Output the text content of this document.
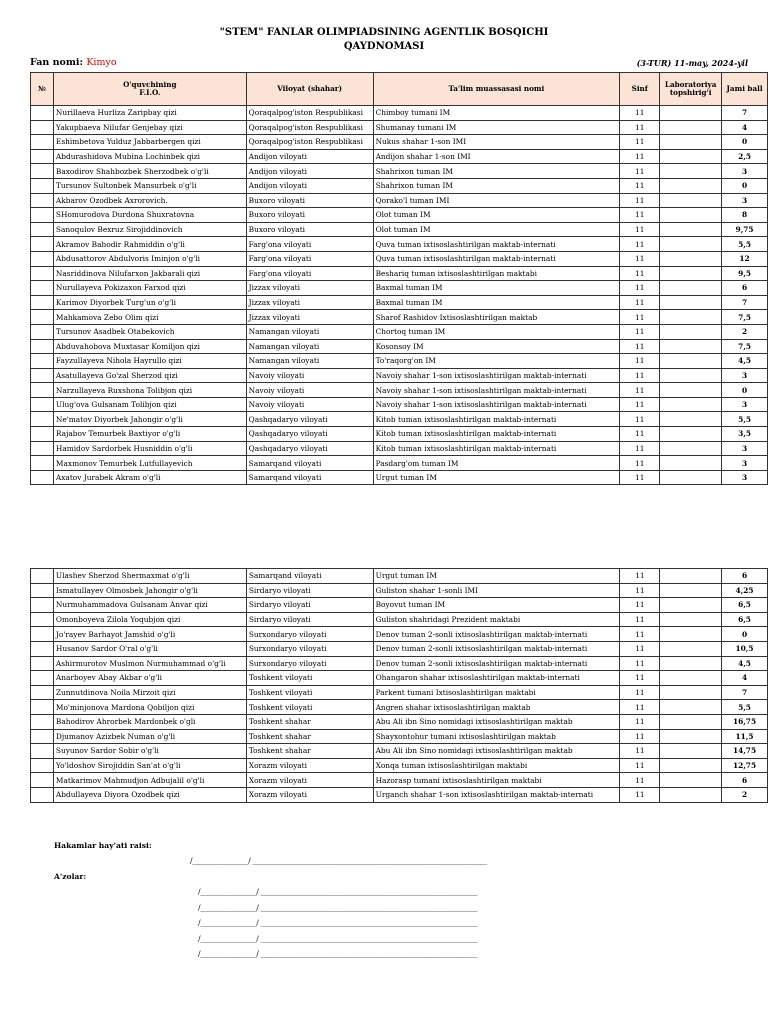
"STEM" FANLAR OLIMPIADSINING AGENTLIK BOSQICHI
QAYDNOMASI
Fan nomi: Kimyo	(3-TUR) 11-may, 2024-yil
№	O'quvchining
F.I.O.	Viloyat (shahar)	Ta'lim muassasasi nomi	Sinf	Laboratoriya topshirig'i	Jami ball
	Nurillaeva Hurliza Zaripbay qizi	Qoraqalpog'iston Respublikasi	Chimboy tumani IM	11		7
	Yakupbaeva Nilufar Genjebay qizi	Qoraqalpog'iston Respublikasi	Shumanay tumani IM	11		4
	Eshimbetova Yulduz Jabbarbergen qizi	Qoraqalpog'iston Respublikasi	Nukus shahar 1-son IMI	11		0
	Abdurashidova Mubina Lochinbek qizi	Andijon viloyati	Andijon shahar 1-son IMI	11		2,5
	Baxodirov Shahbozbek Sherzodbek o'g'li	Andijon viloyati	Shahrixon tuman IM	11		3
	Tursunov Sultonbek Mansurbek o'g'li	Andijon viloyati	Shahrixon tuman IM	11		0
	Akbarov Ozodbek Axrorovich.	Buxoro viloyati	Qorako'l tuman IMI	11		3
	SHomurodova Durdona Shuxratovna	Buxoro viloyati	Olot tuman IM	11		8
	Sanoqulov Bexruz Sirojiddinovich	Buxoro viloyati	Olot tuman IM	11		9,75
	Akramov Bahodir Rahmiddin o'g'li	Farg'ona viloyati	Quva tuman ixtisoslashtirilgan maktab-internati	11		5,5
	Abdusattorov Abdulvoris Iminjon o'g'li	Farg'ona viloyati	Quva tuman ixtisoslashtirilgan maktab-internati	11		12
	Nasriddinova Nilufarxon Jakbarali qizi	Farg'ona viloyati	Beshariq tuman ixtisoslashtirilgan maktabi	11		9,5
	Nurullayeva Pokizaxon Farxod qizi	Jizzax viloyati	Baxmal tuman IM	11		6
	Karimov Diyorbek Turg'un o'g'li	Jizzax viloyati	Baxmal tuman IM	11		7
	Mahkamova Zebo Olim qizi	Jizzax viloyati	Sharof Rashidov Ixtisoslashtirilgan maktab	11		7,5
	Tursunov Asadbek Otabekovich	Namangan viloyati	Chortoq tuman IM	11		2
	Abduvahobova Muxtasar Komiljon qizi	Namangan viloyati	Kosonsoy IM	11		7,5
	Fayzullayeva Nihola Hayrullo qizi	Namangan viloyati	To'raqorg'on IM	11		4,5
	Asatullayeva Go'zal Sherzod qizi	Navoiy viloyati	Navoiy shahar 1-son ixtisoslashtirilgan maktab-internati	11		3
	Narzullayeva Ruxshona Tolibjon qizi	Navoiy viloyati	Navoiy shahar 1-son ixtisoslashtirilgan maktab-internati	11		0
	Ulug'ova Gulsanam Tolibjon qizi	Navoiy viloyati	Navoiy shahar 1-son ixtisoslashtirilgan maktab-internati	11		3
	Ne'matov Diyorbek Jahongir o'g'li	Qashqadaryo viloyati	Kitob tuman ixtisoslashtirilgan maktab-internati	11		5,5
	Rajabov Temurbek Baxtiyor o'g'li	Qashqadaryo viloyati	Kitob tuman ixtisoslashtirilgan maktab-internati	11		3,5
	Hamidov Sardorbek Husniddin o'g'li	Qashqadaryo viloyati	Kitob tuman ixtisoslashtirilgan maktab-internati	11		3
	Maxmonov Temurbek Lutfullayevich	Samarqand viloyati	Pasdarg'om tuman IM	11		3
	Axatov Jurabek Akram o'g'li	Samarqand viloyati	Urgut tuman IM	11		3
	Ulashev Sherzod Shermaxmat o'g'li	Samarqand viloyati	Urgut tuman IM	11		6
	Ismatullayev Olmosbek Jahongir o'g'li	Sirdaryo viloyati	Guliston shahar 1-sonli IMI	11		4,25
	Nurmuhammadova Gulsanam Anvar qizi	Sirdaryo viloyati	Boyovut tuman IM	11		6,5
	Omonboyeva Zilola Yoqubjon qizi	Sirdaryo viloyati	Guliston shahridagi Prezident maktabi	11		6,5
	Jo'rayev Barhayot Jamshid o'g'li	Surxondaryo viloyati	Denov tuman 2-sonli ixtisoslashtirilgan maktab-internati	11		0
	Husanov Sardor O'ral o'g'li	Surxondaryo viloyati	Denov tuman 2-sonli ixtisoslashtirilgan maktab-internati	11		10,5
	Ashirmurotov Muslmon Nurmuhammad o'g'li	Surxondaryo viloyati	Denov tuman 2-sonli ixtisoslashtirilgan maktab-internati	11		4,5
	Anarboyev Abay Akbar o'g'li	Toshkent viloyati	Ohangaron shahar ixtisoslashtirilgan maktab-internati	11		4
	Zunnutdinova Noila Mirzoit qizi	Toshkent viloyati	Parkent tumani Ixtisoslashtirilgan maktabi	11		7
	Mo'minjonova Mardona Qobiljon qizi	Toshkent viloyati	Angren shahar ixtisoslashtirilgan maktab	11		5,5
	Bahodirov Ahrorbek Mardonbek o'gli	Toshkent shahar	Abu Ali ibn Sino nomidagi ixtisoslashtirilgan maktab	11		16,75
	Djumanov Azizbek Numan o'g'li	Toshkent shahar	Shayxontohur tumani ixtisoslashtirilgan maktab	11		11,5
	Suyunov Sardor Sobir o'g'li	Toshkent shahar	Abu Ali ibn Sino nomidagi ixtisoslashtirilgan maktab	11		14,75
	Yo'ldoshov Sirojiddin San'at o'g'li	Xorazm viloyati	Xonqa tuman ixtisoslashtirilgan maktabi	11		12,75
	Matkarimov Mahmudjon Adbujalil o'g'li	Xorazm viloyati	Hazorasp tumani ixtisoslashtirilgan maktabi	11		6
	Abdullayeva Diyora Ozodbek qizi	Xorazm viloyati	Urganch shahar 1-son ixtisoslashtirilgan maktab-internati	11		2
Hakamlar hay'ati raisi:
/________________/ ___________________________________________________________________
A'zolar:
/________________/ ______________________________________________________________
/________________/ ______________________________________________________________
/________________/ ______________________________________________________________
/________________/ ______________________________________________________________
/________________/ ______________________________________________________________
